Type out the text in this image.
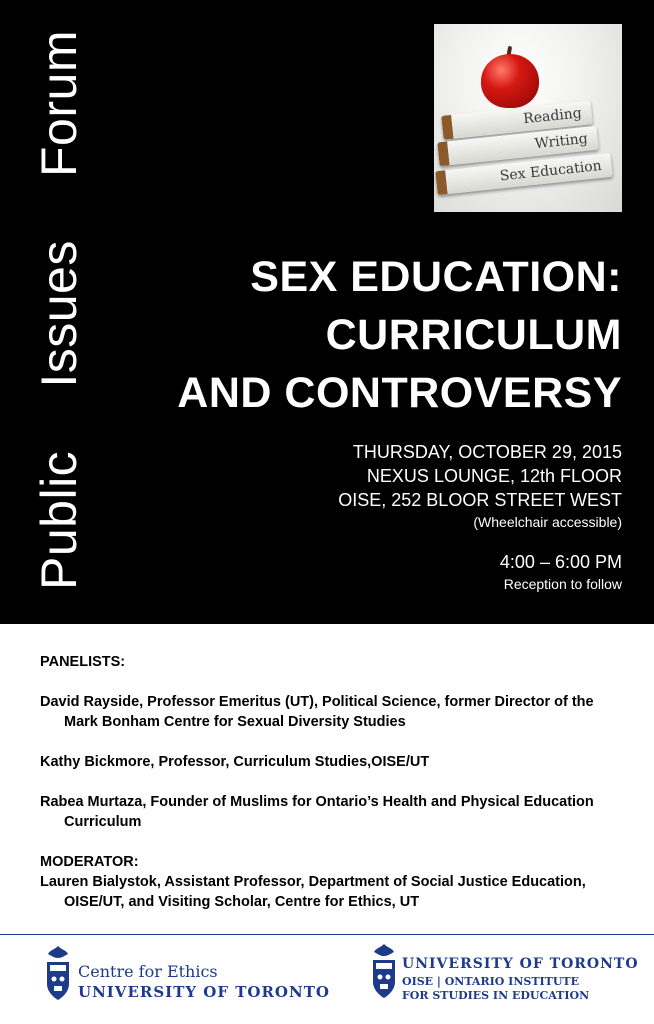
Public
Issues
Forum	Reading
Writing
Sex Education
SEX EDUCATION:
CURRICULUM
AND CONTROVERSY
THURSDAY, OCTOBER 29, 2015
NEXUS LOUNGE, 12th FLOOR
OISE, 252 BLOOR STREET WEST
(Wheelchair accessible)
4:00 – 6:00 PM
Reception to follow
PANELISTS:
David Rayside, Professor Emeritus (UT), Political Science, former Director of the Mark Bonham Centre for Sexual Diversity Studies
Kathy Bickmore, Professor, Curriculum Studies,OISE/UT
Rabea Murtaza, Founder of Muslims for Ontario’s Health and Physical Education Curriculum
MODERATOR:
Lauren Bialystok, Assistant Professor, Department of Social Justice Education, OISE/UT, and Visiting Scholar, Centre for Ethics, UT
Centre for Ethics
UNIVERSITY OF TORONTO
UNIVERSITY OF TORONTO
OISE | ONTARIO INSTITUTE
FOR STUDIES IN EDUCATION
